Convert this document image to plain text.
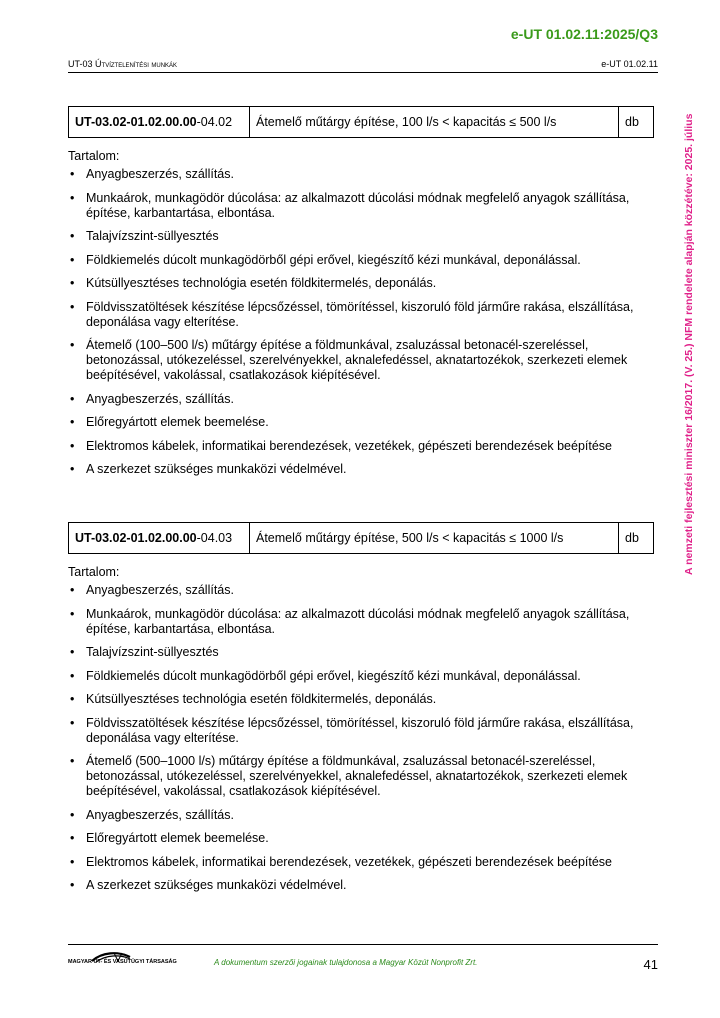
e-UT 01.02.11:2025/Q3
UT-03 Útvíztelenítési munkák	e-UT 01.02.11
A nemzeti fejlesztési miniszter 16/2017. (V. 25.) NFM rendelete alapján közzétéve: 2025. július
UT-03.02-01.02.00.00-04.02	Átemelő műtárgy építése, 100 l/s < kapacitás ≤ 500 l/s	db
Tartalom:
• Anyagbeszerzés, szállítás.
• Munkaárok, munkagödör dúcolása: az alkalmazott dúcolási módnak megfelelő anyagok szállítása, építése, karbantartása, elbontása.
• Talajvízszint-süllyesztés
• Földkiemelés dúcolt munkagödörből gépi erővel, kiegészítő kézi munkával, deponálással.
• Kútsüllyesztéses technológia esetén földkitermelés, deponálás.
• Földvisszatöltések készítése lépcsőzéssel, tömörítéssel, kiszoruló föld járműre rakása, elszállítása, deponálása vagy elterítése.
• Átemelő (100–500 l/s) műtárgy építése a földmunkával, zsaluzással betonacél-szereléssel, betonozással, utókezeléssel, szerelvényekkel, aknalefedéssel, aknatartozékok, szerkezeti elemek beépítésével, vakolással, csatlakozások kiépítésével.
• Anyagbeszerzés, szállítás.
• Előregyártott elemek beemelése.
• Elektromos kábelek, informatikai berendezések, vezetékek, gépészeti berendezések beépítése
• A szerkezet szükséges munkaközi védelmével.
UT-03.02-01.02.00.00-04.03	Átemelő műtárgy építése, 500 l/s < kapacitás ≤ 1000 l/s	db
Tartalom:
• Anyagbeszerzés, szállítás.
• Munkaárok, munkagödör dúcolása: az alkalmazott dúcolási módnak megfelelő anyagok szállítása, építése, karbantartása, elbontása.
• Talajvízszint-süllyesztés
• Földkiemelés dúcolt munkagödörből gépi erővel, kiegészítő kézi munkával, deponálással.
• Kútsüllyesztéses technológia esetén földkitermelés, deponálás.
• Földvisszatöltések készítése lépcsőzéssel, tömörítéssel, kiszoruló föld járműre rakása, elszállítása, deponálása vagy elterítése.
• Átemelő (500–1000 l/s) műtárgy építése a földmunkával, zsaluzással betonacél-szereléssel, betonozással, utókezeléssel, szerelvényekkel, aknalefedéssel, aknatartozékok, szerkezeti elemek beépítésével, vakolással, csatlakozások kiépítésével.
• Anyagbeszerzés, szállítás.
• Előregyártott elemek beemelése.
• Elektromos kábelek, informatikai berendezések, vezetékek, gépészeti berendezések beépítése
• A szerkezet szükséges munkaközi védelmével.
MAGYAR ÚT- ÉS VASÚTÜGYI TÁRSASÁG	A dokumentum szerzői jogainak tulajdonosa a Magyar Közút Nonprofit Zrt.	41
